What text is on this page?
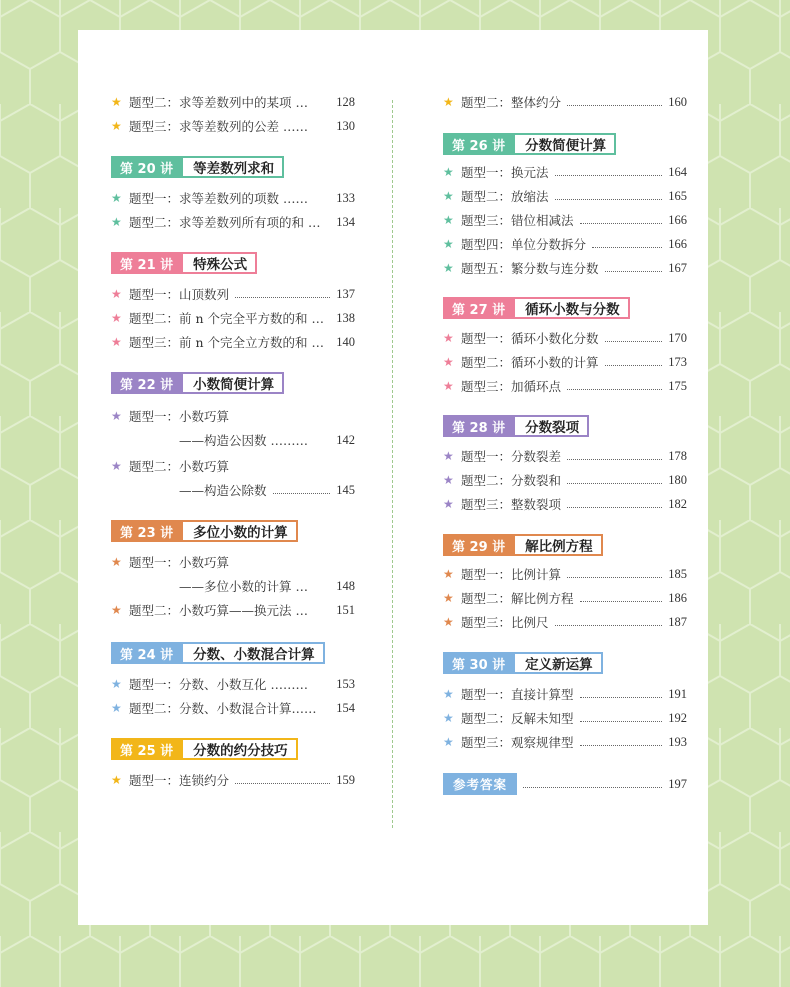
★ 题型二：求等差数列中的某项 … 128
★ 题型三：求等差数列的公差 …… 130
第 20 讲	等差数列求和
★ 题型一：求等差数列的项数 …… 133
★ 题型二：求等差数列所有项的和 … 134
第 21 讲	特殊公式
★ 题型一：山顶数列	137
★ 题型二：前 n 个完全平方数的和 … 138
★ 题型三：前 n 个完全立方数的和 … 140
第 22 讲	小数简便计算
★ 题型一：小数巧算
——构造公因数 ……… 142
★ 题型二：小数巧算
——构造公除数	145
第 23 讲	多位小数的计算
★ 题型一：小数巧算
——多位小数的计算 … 148
★ 题型二：小数巧算——换元法 … 151
第 24 讲	分数、小数混合计算
★ 题型一：分数、小数互化 ……… 153
★ 题型二：分数、小数混合计算…… 154
第 25 讲	分数的约分技巧
★ 题型一：连锁约分	159
★ 题型二：整体约分	160
第 26 讲	分数简便计算
★ 题型一：换元法	164
★ 题型二：放缩法	165
★ 题型三：错位相减法	166
★ 题型四：单位分数拆分	166
★ 题型五：繁分数与连分数	167
第 27 讲	循环小数与分数
★ 题型一：循环小数化分数	170
★ 题型二：循环小数的计算	173
★ 题型三：加循环点	175
第 28 讲	分数裂项
★ 题型一：分数裂差	178
★ 题型二：分数裂和	180
★ 题型三：整数裂项	182
第 29 讲	解比例方程
★ 题型一：比例计算	185
★ 题型二：解比例方程	186
★ 题型三：比例尺	187
第 30 讲	定义新运算
★ 题型一：直接计算型	191
★ 题型二：反解未知型	192
★ 题型三：观察规律型	193
参考答案	197
